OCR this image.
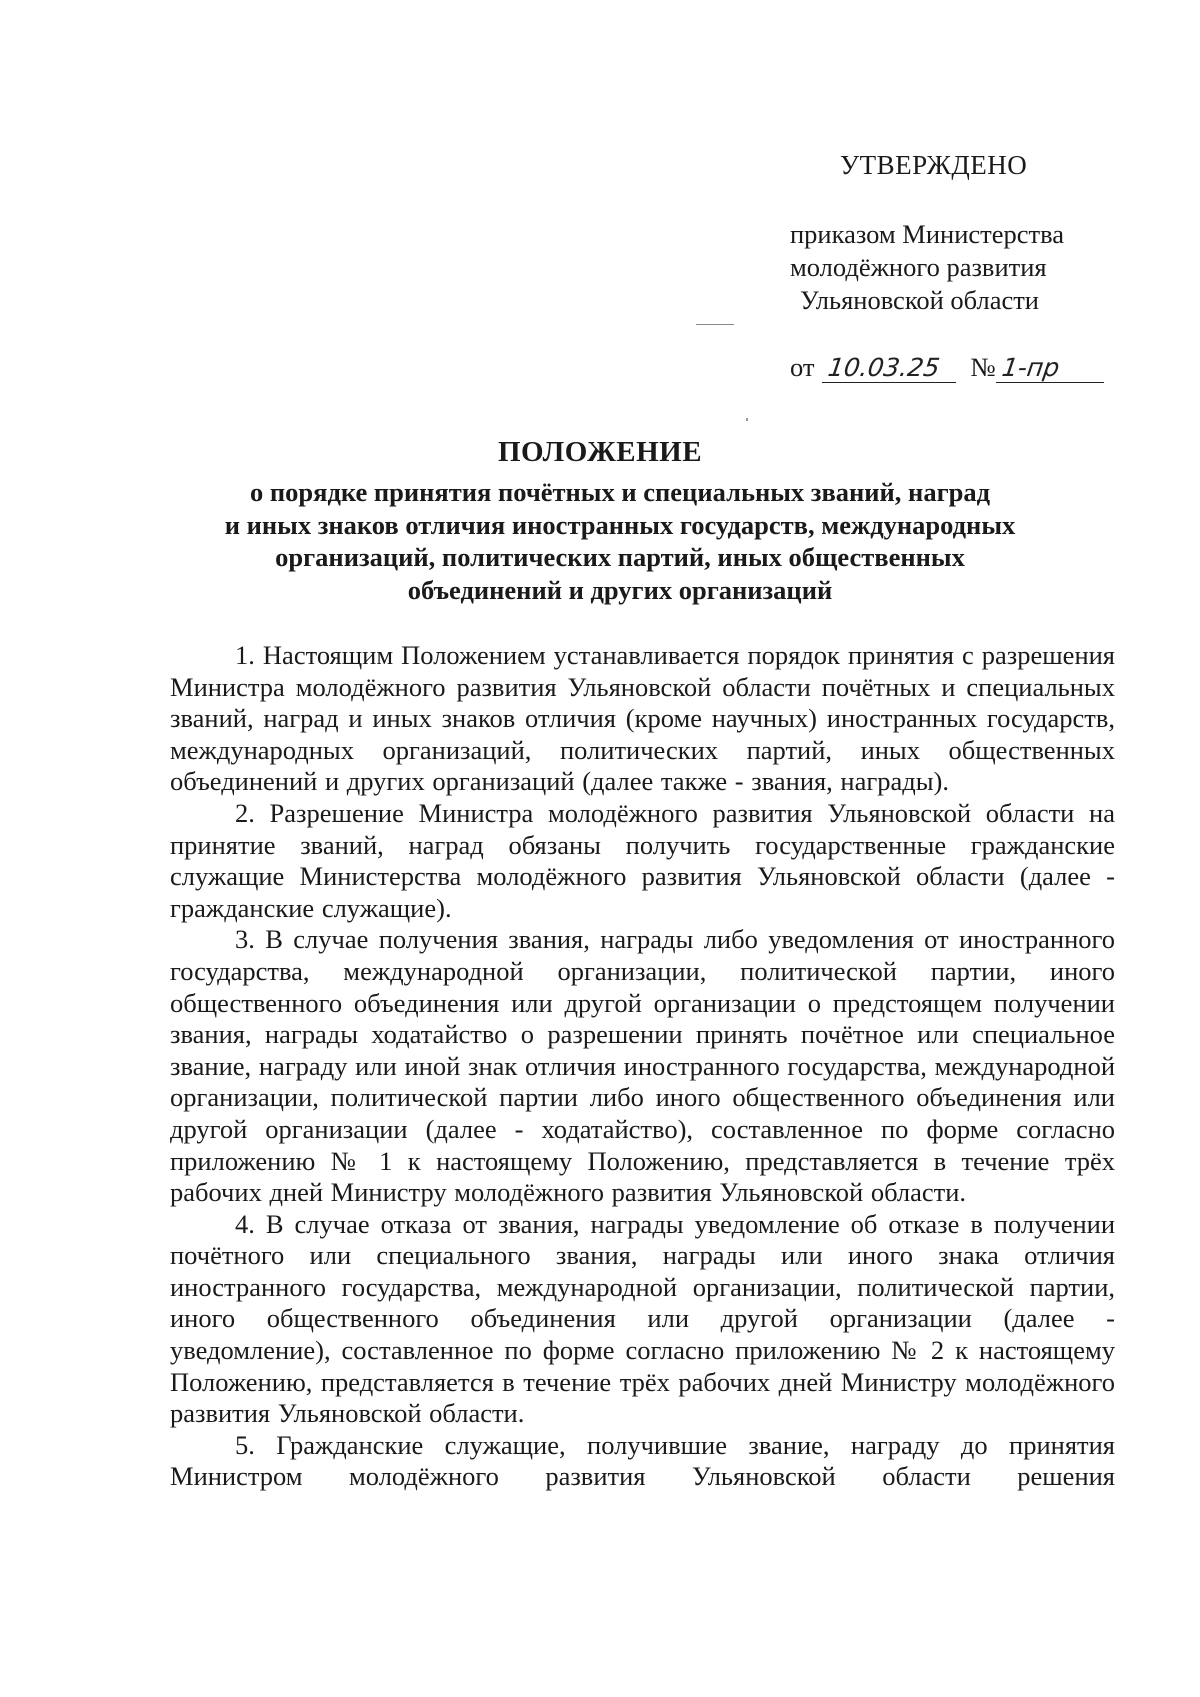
УТВЕРЖДЕНО
приказом Министерства
молодёжного развития
Ульяновской области
от 10.03.25	№ 1-пр
ПОЛОЖЕНИЕ
о порядке принятия почётных и специальных званий, наград
и иных знаков отличия иностранных государств, международных
организаций, политических партий, иных общественных
объединений и других организаций

1. Настоящим Положением устанавливается порядок принятия с разрешения Министра молодёжного развития Ульяновской области почётных и специальных званий, наград и иных знаков отличия (кроме научных) иностранных государств, международных организаций, политических партий, иных общественных объединений и других организаций (далее также - звания, награды).

2. Разрешение Министра молодёжного развития Ульяновской области на принятие званий, наград обязаны получить государственные гражданские служащие Министерства молодёжного развития Ульяновской области (далее - гражданские служащие).

3. В случае получения звания, награды либо уведомления от иностранного государства, международной организации, политической партии, иного общественного объединения или другой организации о предстоящем получении звания, награды ходатайство о разрешении принять почётное или специальное звание, награду или иной знак отличия иностранного государства, международной организации, политической партии либо иного общественного объединения или другой организации (далее - ходатайство), составленное по форме согласно приложению № 1 к настоящему Положению, представляется в течение трёх рабочих дней Министру молодёжного развития Ульяновской области.

4. В случае отказа от звания, награды уведомление об отказе в получении почётного или специального звания, награды или иного знака отличия иностранного государства, международной организации, политической партии, иного общественного объединения или другой организации (далее - уведомление), составленное по форме согласно приложению № 2 к настоящему Положению, представляется в течение трёх рабочих дней Министру молодёжного развития Ульяновской области.

5. Гражданские служащие, получившие звание, награду до принятия Министром молодёжного развития Ульяновской области решения
